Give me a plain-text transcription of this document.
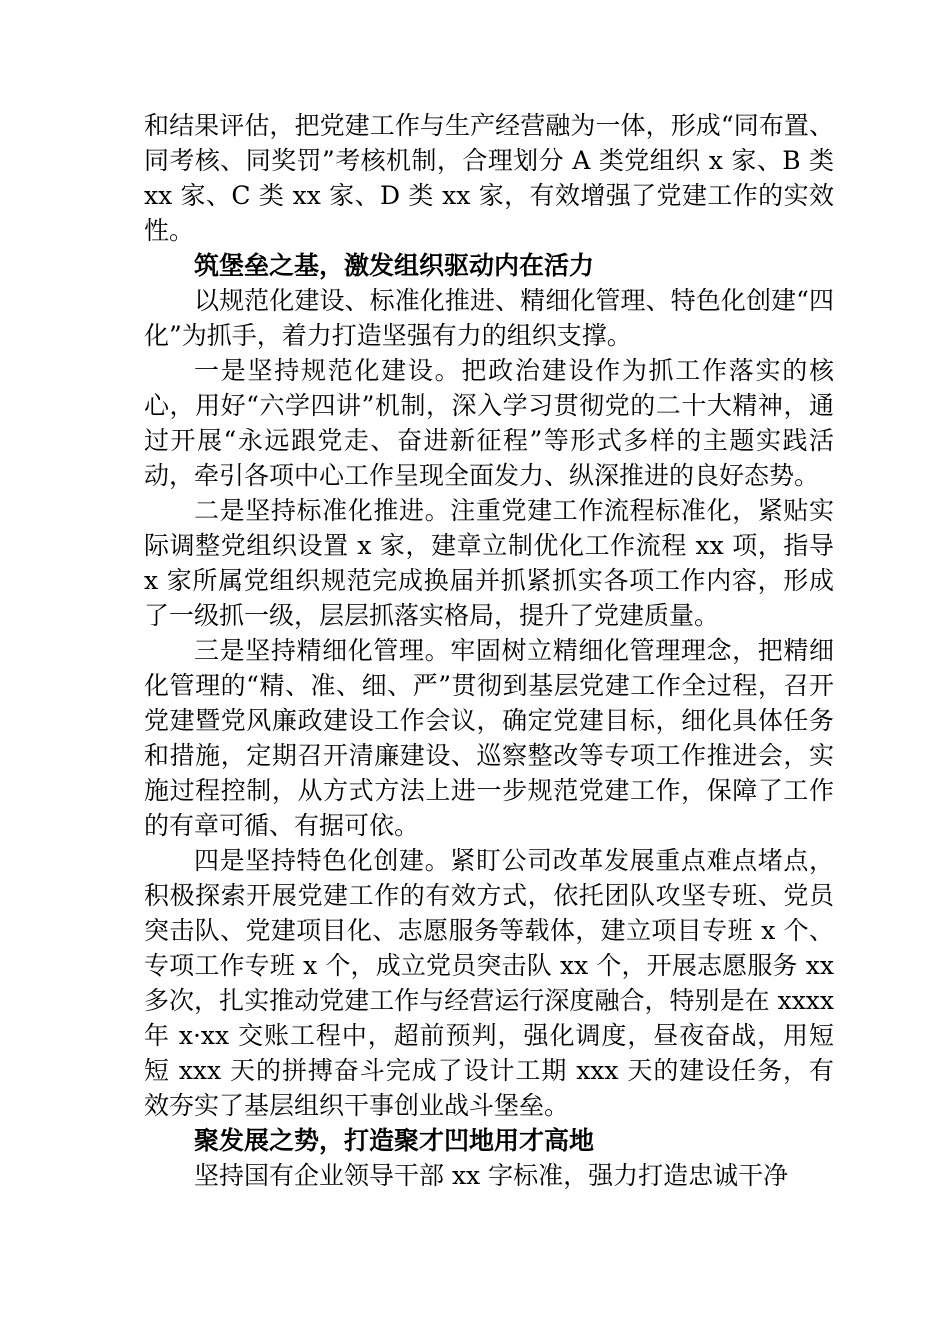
和结果评估，把党建工作与生产经营融为一体，形成“同布置、同考核、同奖罚”考核机制，合理划分 A 类党组织 x 家、B 类 xx 家、C 类 xx 家、D 类 xx 家，有效增强了党建工作的实效性。

筑堡垒之基，激发组织驱动内在活力

以规范化建设、标准化推进、精细化管理、特色化创建“四化”为抓手，着力打造坚强有力的组织支撑。

一是坚持规范化建设。把政治建设作为抓工作落实的核心，用好“六学四讲”机制，深入学习贯彻党的二十大精神，通过开展“永远跟党走、奋进新征程”等形式多样的主题实践活动，牵引各项中心工作呈现全面发力、纵深推进的良好态势。

二是坚持标准化推进。注重党建工作流程标准化，紧贴实际调整党组织设置 x 家，建章立制优化工作流程 xx 项，指导 x 家所属党组织规范完成换届并抓紧抓实各项工作内容，形成了一级抓一级，层层抓落实格局，提升了党建质量。

三是坚持精细化管理。牢固树立精细化管理理念，把精细化管理的“精、准、细、严”贯彻到基层党建工作全过程，召开党建暨党风廉政建设工作会议，确定党建目标，细化具体任务和措施，定期召开清廉建设、巡察整改等专项工作推进会，实施过程控制，从方式方法上进一步规范党建工作，保障了工作的有章可循、有据可依。

四是坚持特色化创建。紧盯公司改革发展重点难点堵点，积极探索开展党建工作的有效方式，依托团队攻坚专班、党员突击队、党建项目化、志愿服务等载体，建立项目专班 x 个、专项工作专班 x 个，成立党员突击队 xx 个，开展志愿服务 xx 多次，扎实推动党建工作与经营运行深度融合，特别是在 xxxx 年 x·xx 交账工程中，超前预判，强化调度，昼夜奋战，用短短 xxx 天的拼搏奋斗完成了设计工期 xxx 天的建设任务，有效夯实了基层组织干事创业战斗堡垒。

聚发展之势，打造聚才凹地用才高地

坚持国有企业领导干部 xx 字标准，强力打造忠诚干净
